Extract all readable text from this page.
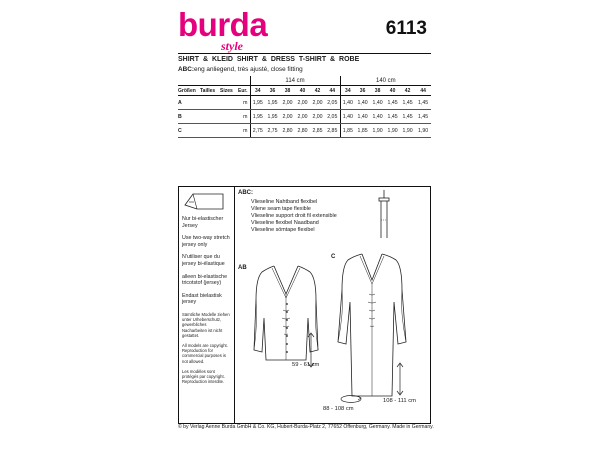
burda
style
6113
SHIRT & KLEID SHIRT & DRESS T-SHIRT & ROBE
ABC:eng anliegend, très ajusté, close fitting
				114 cm						140 cm					
Größen	Tailles	Sizes	Eur.	34	36	38	40	42	44	34	36	38	40	42	44
A			m	1,95	1,95	2,00	2,00	2,00	2,05	1,40	1,40	1,40	1,45	1,45	1,45
B			m	1,95	1,95	2,00	2,00	2,00	2,05	1,40	1,40	1,40	1,45	1,45	1,45
C			m	2,75	2,75	2,80	2,80	2,85	2,85	1,85	1,85	1,90	1,90	1,90	1,90
Nur bi-elastischer Jersey
Use two-way stretch jersey only
N'utiliser que du jersey bi-élastique
alleen bi-elastische tricotstof (jersey)
Endast bielastisk jersey
Sämtliche Modelle ziehen unter Urheberschutz, gewerbliches Nacharbeiten ist nicht gestattet.
All models are copyright. Reproduction for commercial purposes is not allowed.
Les modèles sont protégés par copyright. Reproduction interdite.
ABC:
Vlieseline Nahtband flexibel
Vilene seam tape flexible
Vlieseline support droit fil extensible
Vlieseline flexibel Naadband
Vlieseline sömtape flexibel
AB
C
59 - 61 cm
88 - 108 cm
108 - 111 cm
© by Verlag Aenne Burda GmbH & Co. KG, Hubert-Burda-Platz 2, 77652 Offenburg, Germany. Made in Germany.
